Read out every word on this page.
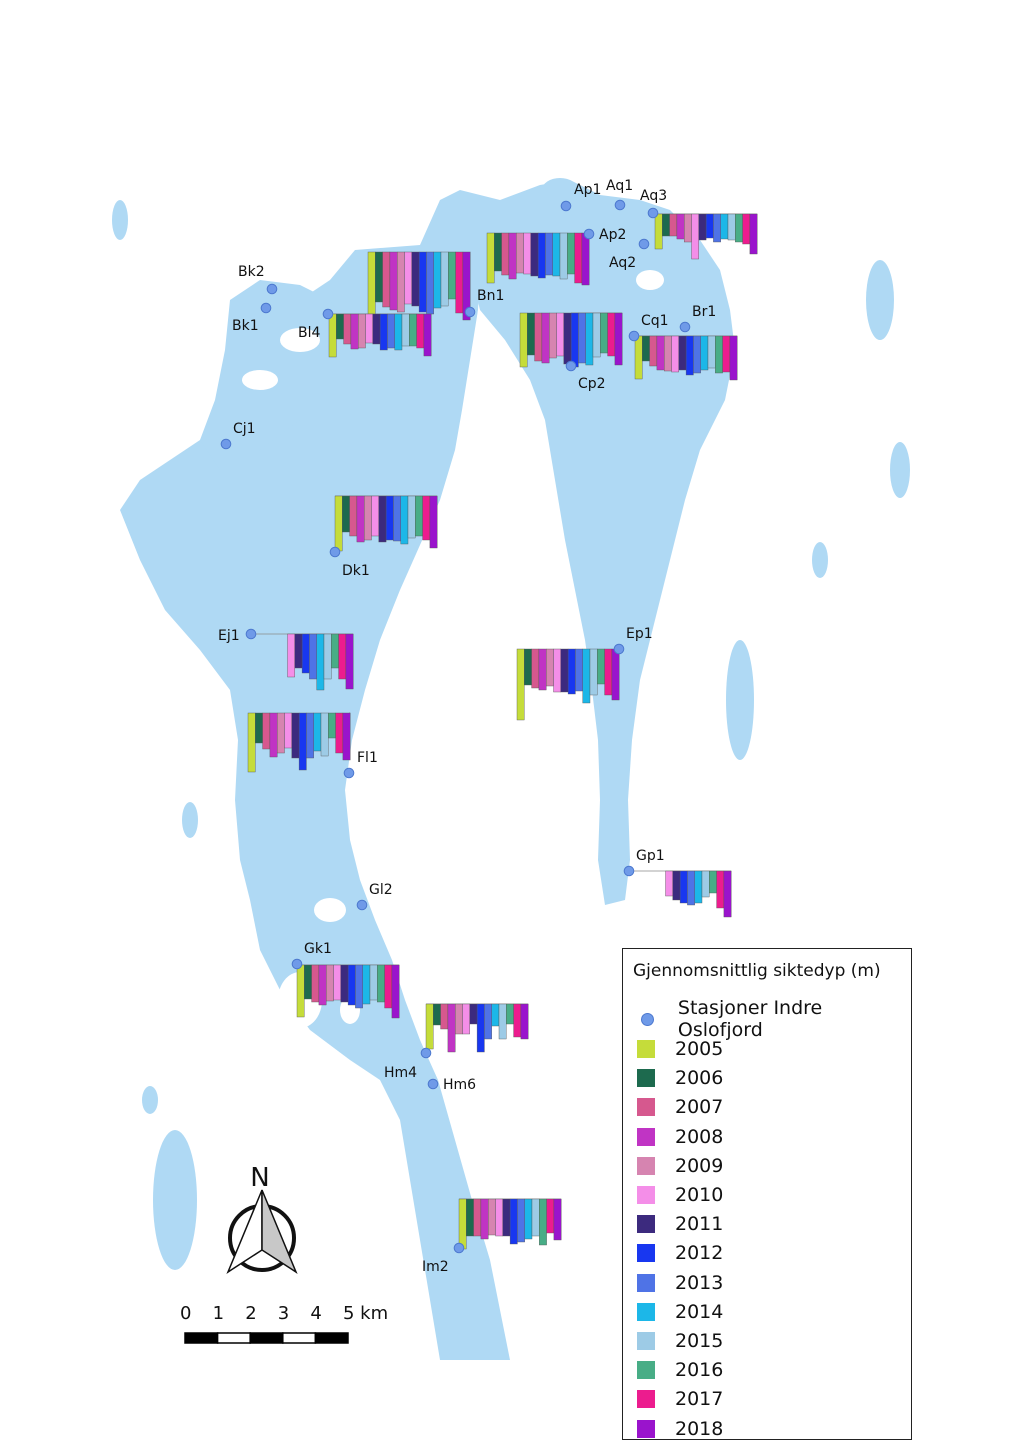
Ap1 Aq1
Aq3
Ap2
Aq2
Bk2
Bk1
Bn1
Bl4
Cq1
Br1
Cp2
Cj1
Dk1
Ej1	Ep1
Fl1
Gp1
Gl2
Gk1
Hm4
Hm6
Im2
N
0 1 2 3 4 5 km
Gjennomsnittlig siktedyp (m)
Stasjoner Indre Oslofjord
2005
2006
2007
2008
2009
2010
2011
2012
2013
2014
2015
2016
2017
2018
